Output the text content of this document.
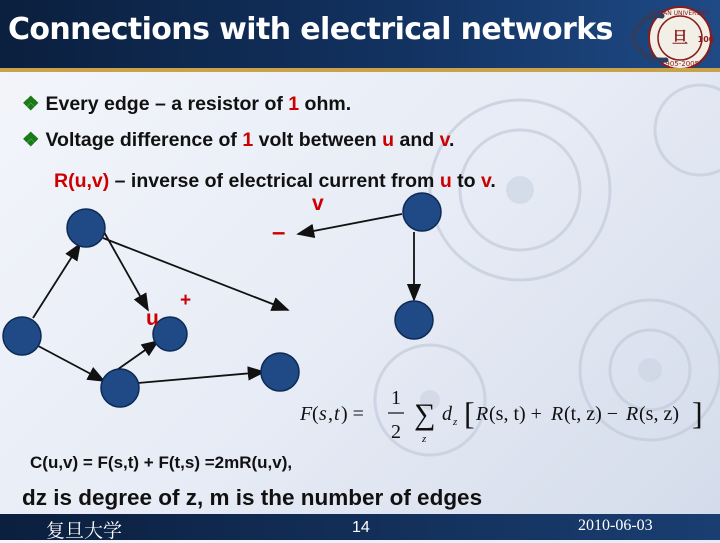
Connections with electrical networks	旦
1905-2005
FUDAN UNIVERSITY
100
❖ Every edge – a resistor of 1 ohm.
❖ Voltage difference of 1 volt between u and v.
R(u,v) – inverse of electrical current from u to v.
u
+
v
–
F ( s , t ) =
1
2
∑
z
d z [ R (s, t) + R (t, z) − R (s, z) ]
C(u,v) = F(s,t) + F(t,s) =2mR(u,v),
dz is degree of z, m is the number of edges
复旦大学	14	2010-06-03
